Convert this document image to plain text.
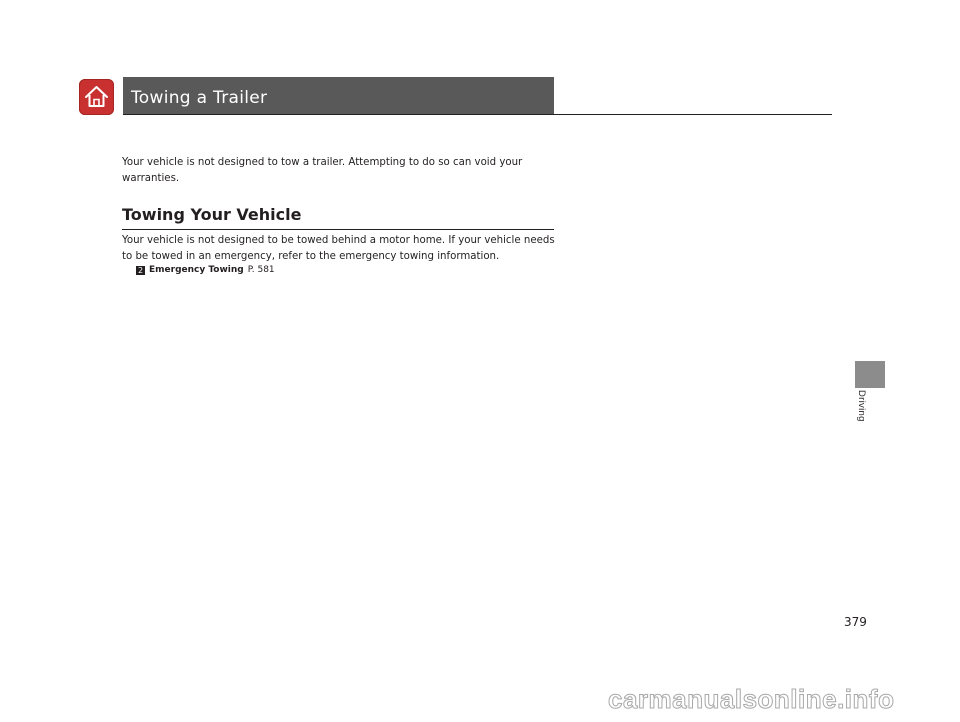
Towing a Trailer

Your vehicle is not designed to tow a trailer. Attempting to do so can void your warranties.

Towing Your Vehicle

Your vehicle is not designed to be towed behind a motor home. If your vehicle needs to be towed in an emergency, refer to the emergency towing information.

2 Emergency Towing P. 581
Driving
379
carmanualsonline.info
